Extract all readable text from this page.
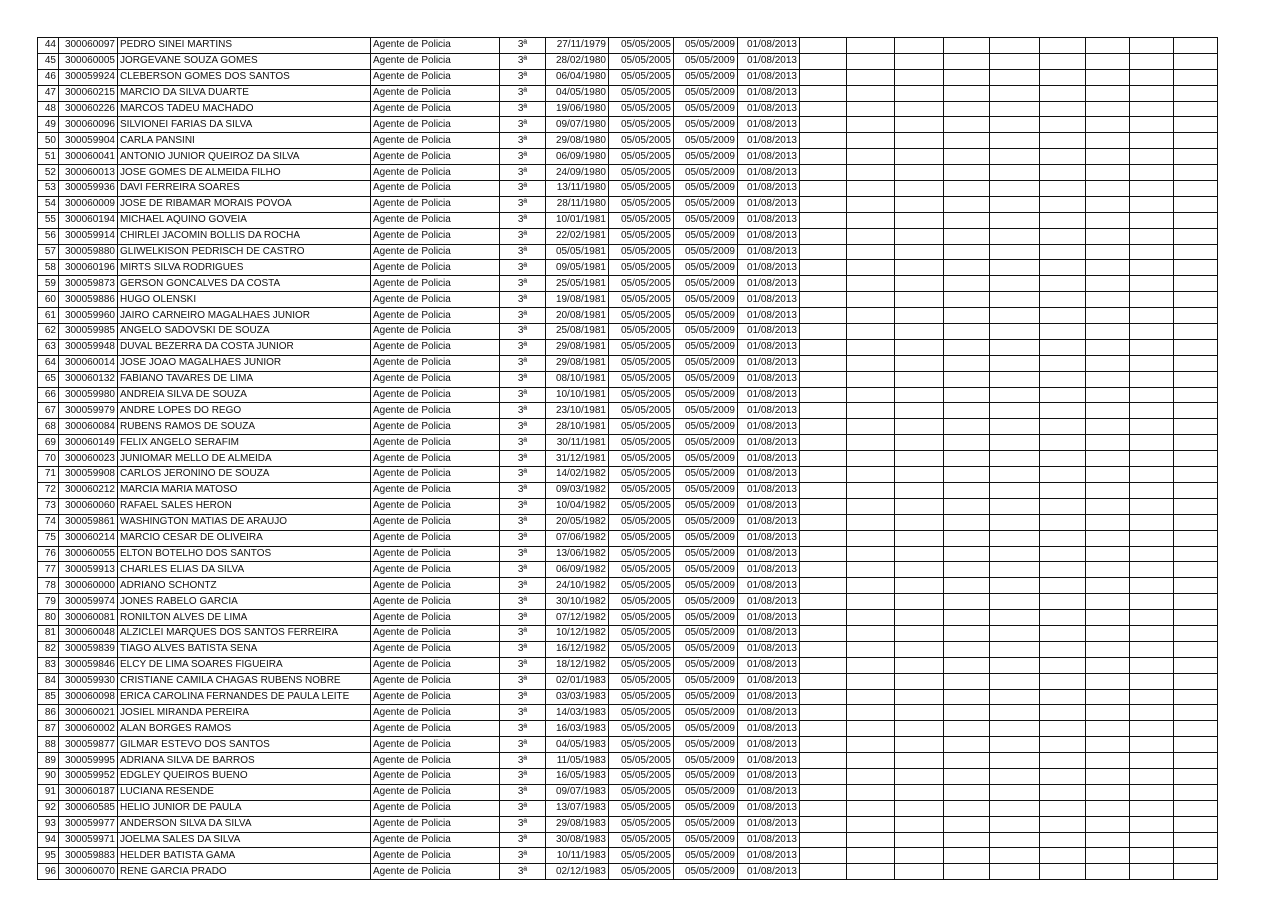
44	300060097	PEDRO SINEI MARTINS	Agente de Policia	3ª	27/11/1979	05/05/2005	05/05/2009	01/08/2013									
45	300060005	JORGEVANE SOUZA GOMES	Agente de Policia	3ª	28/02/1980	05/05/2005	05/05/2009	01/08/2013									
46	300059924	CLEBERSON GOMES DOS SANTOS	Agente de Policia	3ª	06/04/1980	05/05/2005	05/05/2009	01/08/2013									
47	300060215	MARCIO DA SILVA DUARTE	Agente de Policia	3ª	04/05/1980	05/05/2005	05/05/2009	01/08/2013									
48	300060226	MARCOS TADEU MACHADO	Agente de Policia	3ª	19/06/1980	05/05/2005	05/05/2009	01/08/2013									
49	300060096	SILVIONEI FARIAS DA SILVA	Agente de Policia	3ª	09/07/1980	05/05/2005	05/05/2009	01/08/2013									
50	300059904	CARLA PANSINI	Agente de Policia	3ª	29/08/1980	05/05/2005	05/05/2009	01/08/2013									
51	300060041	ANTONIO JUNIOR QUEIROZ DA SILVA	Agente de Policia	3ª	06/09/1980	05/05/2005	05/05/2009	01/08/2013									
52	300060013	JOSE GOMES DE ALMEIDA FILHO	Agente de Policia	3ª	24/09/1980	05/05/2005	05/05/2009	01/08/2013									
53	300059936	DAVI FERREIRA SOARES	Agente de Policia	3ª	13/11/1980	05/05/2005	05/05/2009	01/08/2013									
54	300060009	JOSE DE RIBAMAR MORAIS POVOA	Agente de Policia	3ª	28/11/1980	05/05/2005	05/05/2009	01/08/2013									
55	300060194	MICHAEL AQUINO GOVEIA	Agente de Policia	3ª	10/01/1981	05/05/2005	05/05/2009	01/08/2013									
56	300059914	CHIRLEI JACOMIN BOLLIS DA ROCHA	Agente de Policia	3ª	22/02/1981	05/05/2005	05/05/2009	01/08/2013									
57	300059880	GLIWELKISON PEDRISCH DE CASTRO	Agente de Policia	3ª	05/05/1981	05/05/2005	05/05/2009	01/08/2013									
58	300060196	MIRTS SILVA RODRIGUES	Agente de Policia	3ª	09/05/1981	05/05/2005	05/05/2009	01/08/2013									
59	300059873	GERSON GONCALVES DA COSTA	Agente de Policia	3ª	25/05/1981	05/05/2005	05/05/2009	01/08/2013									
60	300059886	HUGO OLENSKI	Agente de Policia	3ª	19/08/1981	05/05/2005	05/05/2009	01/08/2013									
61	300059960	JAIRO CARNEIRO MAGALHAES JUNIOR	Agente de Policia	3ª	20/08/1981	05/05/2005	05/05/2009	01/08/2013									
62	300059985	ANGELO SADOVSKI DE SOUZA	Agente de Policia	3ª	25/08/1981	05/05/2005	05/05/2009	01/08/2013									
63	300059948	DUVAL BEZERRA DA COSTA JUNIOR	Agente de Policia	3ª	29/08/1981	05/05/2005	05/05/2009	01/08/2013									
64	300060014	JOSE JOAO MAGALHAES JUNIOR	Agente de Policia	3ª	29/08/1981	05/05/2005	05/05/2009	01/08/2013									
65	300060132	FABIANO TAVARES DE LIMA	Agente de Policia	3ª	08/10/1981	05/05/2005	05/05/2009	01/08/2013									
66	300059980	ANDREIA SILVA DE SOUZA	Agente de Policia	3ª	10/10/1981	05/05/2005	05/05/2009	01/08/2013									
67	300059979	ANDRE LOPES DO REGO	Agente de Policia	3ª	23/10/1981	05/05/2005	05/05/2009	01/08/2013									
68	300060084	RUBENS RAMOS DE SOUZA	Agente de Policia	3ª	28/10/1981	05/05/2005	05/05/2009	01/08/2013									
69	300060149	FELIX ANGELO SERAFIM	Agente de Policia	3ª	30/11/1981	05/05/2005	05/05/2009	01/08/2013									
70	300060023	JUNIOMAR MELLO DE ALMEIDA	Agente de Policia	3ª	31/12/1981	05/05/2005	05/05/2009	01/08/2013									
71	300059908	CARLOS JERONINO DE SOUZA	Agente de Policia	3ª	14/02/1982	05/05/2005	05/05/2009	01/08/2013									
72	300060212	MARCIA MARIA MATOSO	Agente de Policia	3ª	09/03/1982	05/05/2005	05/05/2009	01/08/2013									
73	300060060	RAFAEL SALES HERON	Agente de Policia	3ª	10/04/1982	05/05/2005	05/05/2009	01/08/2013									
74	300059861	WASHINGTON MATIAS DE ARAUJO	Agente de Policia	3ª	20/05/1982	05/05/2005	05/05/2009	01/08/2013									
75	300060214	MARCIO CESAR DE OLIVEIRA	Agente de Policia	3ª	07/06/1982	05/05/2005	05/05/2009	01/08/2013									
76	300060055	ELTON BOTELHO DOS SANTOS	Agente de Policia	3ª	13/06/1982	05/05/2005	05/05/2009	01/08/2013									
77	300059913	CHARLES ELIAS DA SILVA	Agente de Policia	3ª	06/09/1982	05/05/2005	05/05/2009	01/08/2013									
78	300060000	ADRIANO SCHONTZ	Agente de Policia	3ª	24/10/1982	05/05/2005	05/05/2009	01/08/2013									
79	300059974	JONES RABELO GARCIA	Agente de Policia	3ª	30/10/1982	05/05/2005	05/05/2009	01/08/2013									
80	300060081	RONILTON ALVES DE LIMA	Agente de Policia	3ª	07/12/1982	05/05/2005	05/05/2009	01/08/2013									
81	300060048	ALZICLEI MARQUES DOS SANTOS FERREIRA	Agente de Policia	3ª	10/12/1982	05/05/2005	05/05/2009	01/08/2013									
82	300059839	TIAGO ALVES BATISTA SENA	Agente de Policia	3ª	16/12/1982	05/05/2005	05/05/2009	01/08/2013									
83	300059846	ELCY DE LIMA SOARES FIGUEIRA	Agente de Policia	3ª	18/12/1982	05/05/2005	05/05/2009	01/08/2013									
84	300059930	CRISTIANE CAMILA CHAGAS RUBENS NOBRE	Agente de Policia	3ª	02/01/1983	05/05/2005	05/05/2009	01/08/2013									
85	300060098	ERICA CAROLINA FERNANDES DE PAULA LEITE	Agente de Policia	3ª	03/03/1983	05/05/2005	05/05/2009	01/08/2013									
86	300060021	JOSIEL MIRANDA PEREIRA	Agente de Policia	3ª	14/03/1983	05/05/2005	05/05/2009	01/08/2013									
87	300060002	ALAN BORGES RAMOS	Agente de Policia	3ª	16/03/1983	05/05/2005	05/05/2009	01/08/2013									
88	300059877	GILMAR ESTEVO DOS SANTOS	Agente de Policia	3ª	04/05/1983	05/05/2005	05/05/2009	01/08/2013									
89	300059995	ADRIANA SILVA DE BARROS	Agente de Policia	3ª	11/05/1983	05/05/2005	05/05/2009	01/08/2013									
90	300059952	EDGLEY QUEIROS BUENO	Agente de Policia	3ª	16/05/1983	05/05/2005	05/05/2009	01/08/2013									
91	300060187	LUCIANA RESENDE	Agente de Policia	3ª	09/07/1983	05/05/2005	05/05/2009	01/08/2013									
92	300060585	HELIO JUNIOR DE PAULA	Agente de Policia	3ª	13/07/1983	05/05/2005	05/05/2009	01/08/2013									
93	300059977	ANDERSON SILVA DA SILVA	Agente de Policia	3ª	29/08/1983	05/05/2005	05/05/2009	01/08/2013									
94	300059971	JOELMA SALES DA SILVA	Agente de Policia	3ª	30/08/1983	05/05/2005	05/05/2009	01/08/2013									
95	300059883	HELDER BATISTA GAMA	Agente de Policia	3ª	10/11/1983	05/05/2005	05/05/2009	01/08/2013									
96	300060070	RENE GARCIA PRADO	Agente de Policia	3ª	02/12/1983	05/05/2005	05/05/2009	01/08/2013									
